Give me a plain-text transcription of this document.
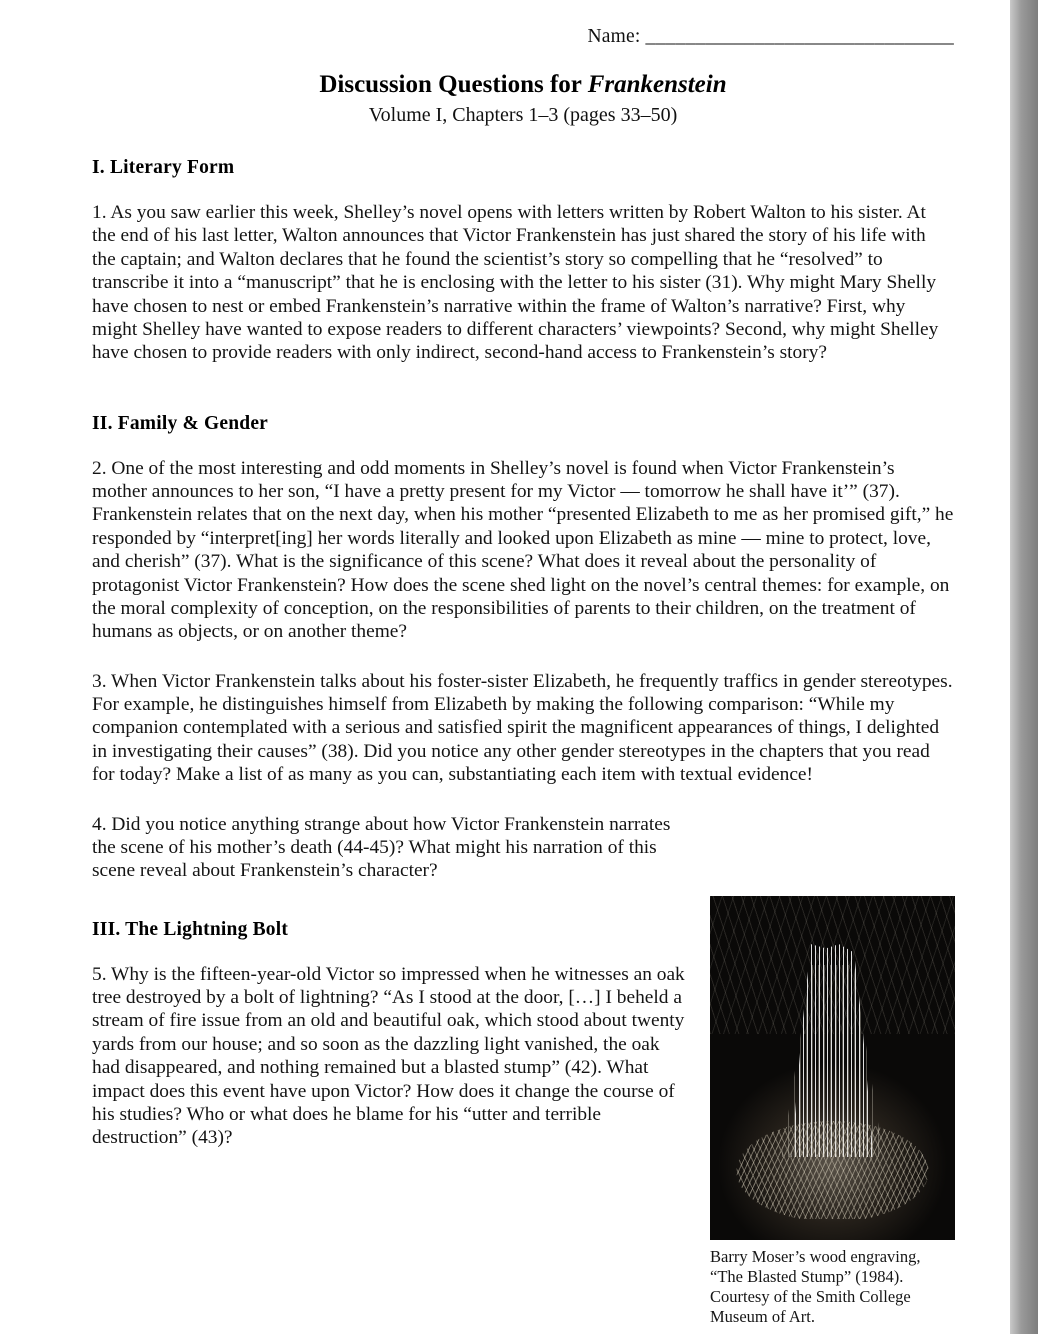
Name: _______________________________
Discussion Questions for Frankenstein
Volume I, Chapters 1–3 (pages 33–50)
I. Literary Form

1. As you saw earlier this week, Shelley’s novel opens with letters written by Robert Walton to his sister. At the end of his last letter, Walton announces that Victor Frankenstein has just shared the story of his life with the captain; and Walton declares that he found the scientist’s story so compelling that he “resolved” to transcribe it into a “manuscript” that he is enclosing with the letter to his sister (31). Why might Mary Shelly have chosen to nest or embed Frankenstein’s narrative within the frame of Walton’s narrative? First, why might Shelley have wanted to expose readers to different characters’ viewpoints? Second, why might Shelley have chosen to provide readers with only indirect, second-hand access to Frankenstein’s story?

II. Family & Gender

2. One of the most interesting and odd moments in Shelley’s novel is found when Victor Frankenstein’s mother announces to her son, “I have a pretty present for my Victor — tomorrow he shall have it’” (37). Frankenstein relates that on the next day, when his mother “presented Elizabeth to me as her promised gift,” he responded by “interpret[ing] her words literally and looked upon Elizabeth as mine — mine to protect, love, and cherish” (37). What is the significance of this scene? What does it reveal about the personality of protagonist Victor Frankenstein? How does the scene shed light on the novel’s central themes: for example, on the moral complexity of conception, on the responsibilities of parents to their children, on the treatment of humans as objects, or on another theme?

3. When Victor Frankenstein talks about his foster-sister Elizabeth, he frequently traffics in gender stereotypes. For example, he distinguishes himself from Elizabeth by making the following comparison: “While my companion contemplated with a serious and satisfied spirit the magnificent appearances of things, I delighted in investigating their causes” (38). Did you notice any other gender stereotypes in the chapters that you read for today? Make a list of as many as you can, substantiating each item with textual evidence!

4. Did you notice anything strange about how Victor Frankenstein narrates the scene of his mother’s death (44-45)? What might his narration of this scene reveal about Frankenstein’s character?

III. The Lightning Bolt

5. Why is the fifteen-year-old Victor so impressed when he witnesses an oak tree destroyed by a bolt of lightning? “As I stood at the door, […] I beheld a stream of fire issue from an old and beautiful oak, which stood about twenty yards from our house; and so soon as the dazzling light vanished, the oak had disappeared, and nothing remained but a blasted stump” (42). What impact does this event have upon Victor? How does it change the course of his studies? Who or what does he blame for his “utter and terrible destruction” (43)?

Barry Moser’s wood engraving, “The Blasted Stump” (1984). Courtesy of the Smith College Museum of Art.
